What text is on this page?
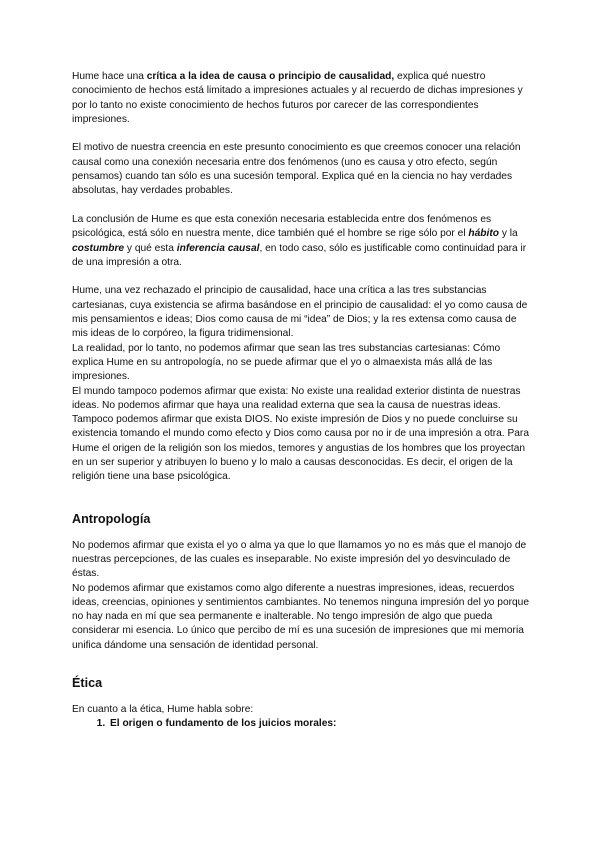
Hume hace una crítica a la idea de causa o principio de causalidad, explica qué nuestro conocimiento de hechos está limitado a impresiones actuales y al recuerdo de dichas impresiones y por lo tanto no existe conocimiento de hechos futuros por carecer de las correspondientes impresiones.

El motivo de nuestra creencia en este presunto conocimiento es que creemos conocer una relación causal como una conexión necesaria entre dos fenómenos (uno es causa y otro efecto, según pensamos) cuando tan sólo es una sucesión temporal. Explica qué en la ciencia no hay verdades absolutas, hay verdades probables.

La conclusión de Hume es que esta conexión necesaria establecida entre dos fenómenos es psicológica, está sólo en nuestra mente, dice también qué el hombre se rige sólo por el hábito y la costumbre y qué esta inferencia causal, en todo caso, sólo es justificable como continuidad para ir de una impresión a otra.

Hume, una vez rechazado el principio de causalidad, hace una crítica a las tres substancias cartesianas, cuya existencia se afirma basándose en el principio de causalidad: el yo como causa de mis pensamientos e ideas; Dios como causa de mi “idea” de Dios; y la res extensa como causa de mis ideas de lo corpóreo, la figura tridimensional.

La realidad, por lo tanto, no podemos afirmar que sean las tres substancias cartesianas: Cómo explica Hume en su antropología, no se puede afirmar que el yo o almaexista más allá de las impresiones.

El mundo tampoco podemos afirmar que exista: No existe una realidad exterior distinta de nuestras ideas. No podemos afirmar que haya una realidad externa que sea la causa de nuestras ideas.

Tampoco podemos afirmar que exista DIOS. No existe impresión de Dios y no puede concluirse su existencia tomando el mundo como efecto y Dios como causa por no ir de una impresión a otra. Para Hume el origen de la religión son los miedos, temores y angustias de los hombres que los proyectan en un ser superior y atribuyen lo bueno y lo malo a causas desconocidas. Es decir, el origen de la religión tiene una base psicológica.

Antropología

No podemos afirmar que exista el yo o alma ya que lo que llamamos yo no es más que el manojo de nuestras percepciones, de las cuales es inseparable. No existe impresión del yo desvinculado de éstas.

No podemos afirmar que existamos como algo diferente a nuestras impresiones, ideas, recuerdos ideas, creencias, opiniones y sentimientos cambiantes. No tenemos ninguna impresión del yo porque no hay nada en mí que sea permanente e inalterable. No tengo impresión de algo que pueda considerar mi esencia. Lo único que percibo de mí es una sucesión de impresiones que mi memoria unifica dándome una sensación de identidad personal.

Ética

En cuanto a la ética, Hume habla sobre:

1. El origen o fundamento de los juicios morales:
